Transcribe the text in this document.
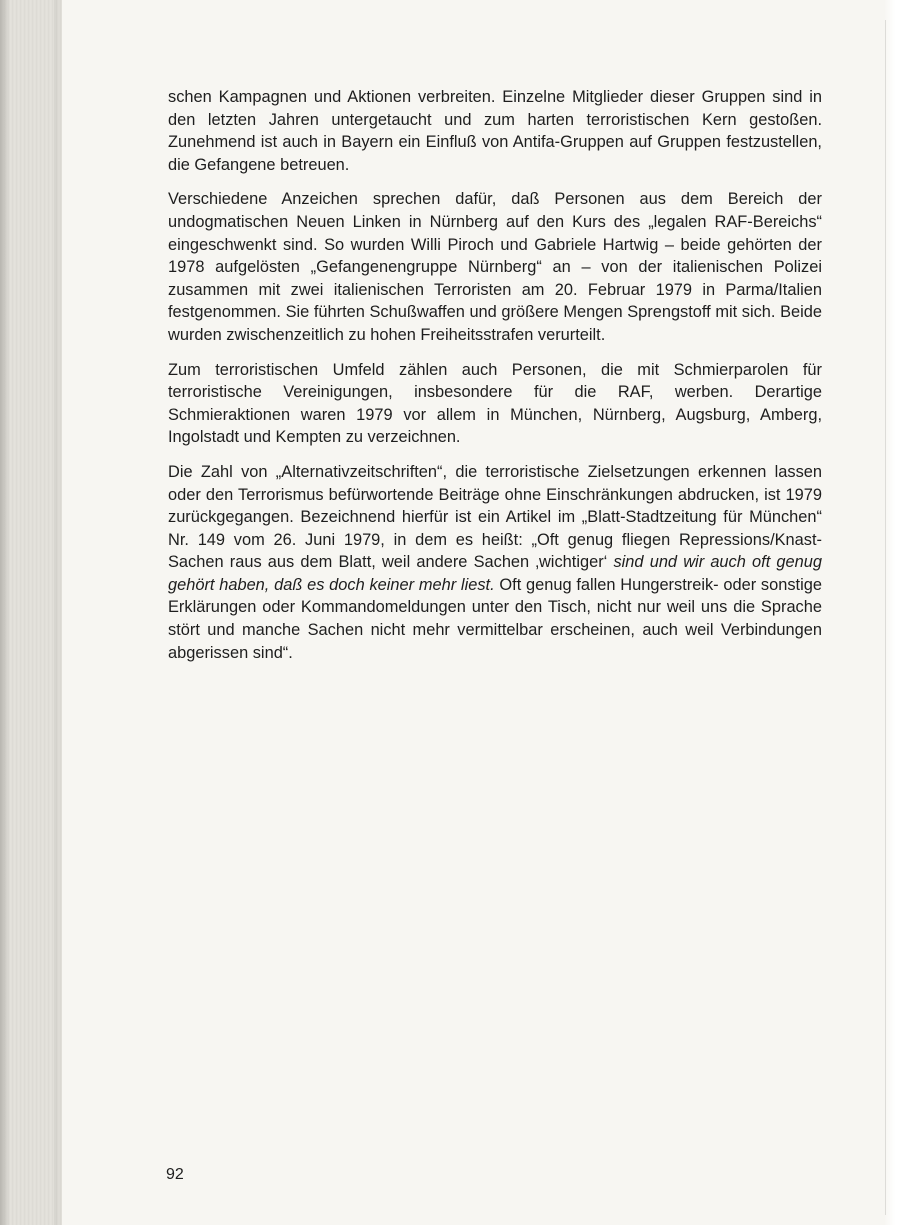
schen Kampagnen und Aktionen verbreiten. Einzelne Mitglieder dieser Gruppen sind in den letzten Jahren untergetaucht und zum harten terroristischen Kern gestoßen. Zunehmend ist auch in Bayern ein Einfluß von Antifa-Gruppen auf Gruppen festzustellen, die Gefangene betreuen.

Verschiedene Anzeichen sprechen dafür, daß Personen aus dem Bereich der undogmatischen Neuen Linken in Nürnberg auf den Kurs des „legalen RAF-Bereichs“ eingeschwenkt sind. So wurden Willi Piroch und Gabriele Hartwig – beide gehörten der 1978 aufgelösten „Gefangenengruppe Nürnberg“ an – von der italienischen Polizei zusammen mit zwei italienischen Terroristen am 20. Februar 1979 in Parma/Italien festgenommen. Sie führten Schußwaffen und größere Mengen Sprengstoff mit sich. Beide wurden zwischenzeitlich zu hohen Freiheitsstrafen verurteilt.

Zum terroristischen Umfeld zählen auch Personen, die mit Schmierparolen für terroristische Vereinigungen, insbesondere für die RAF, werben. Derartige Schmieraktionen waren 1979 vor allem in München, Nürnberg, Augsburg, Amberg, Ingolstadt und Kempten zu verzeichnen.

Die Zahl von „Alternativzeitschriften“, die terroristische Zielsetzungen erkennen lassen oder den Terrorismus befürwortende Beiträge ohne Einschränkungen abdrucken, ist 1979 zurückgegangen. Bezeichnend hierfür ist ein Artikel im „Blatt-Stadtzeitung für München“ Nr. 149 vom 26. Juni 1979, in dem es heißt: „Oft genug fliegen Repressions/Knast-Sachen raus aus dem Blatt, weil andere Sachen ‚wichtiger‘ sind und wir auch oft genug gehört haben, daß es doch keiner mehr liest. Oft genug fallen Hungerstreik- oder sonstige Erklärungen oder Kommandomeldungen unter den Tisch, nicht nur weil uns die Sprache stört und manche Sachen nicht mehr vermittelbar erscheinen, auch weil Verbindungen abgerissen sind“.

92
